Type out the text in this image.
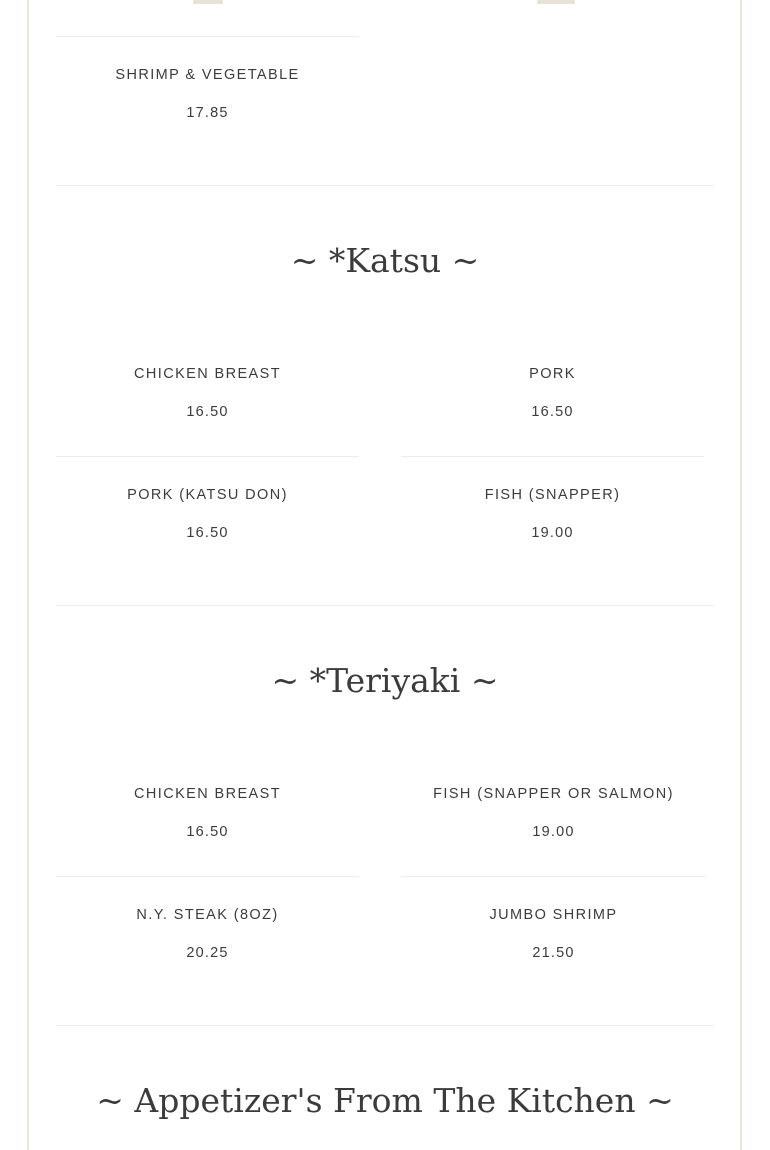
SHRIMP & VEGETABLE
17.85
~ *Katsu ~
CHICKEN BREAST
16.50
PORK
16.50
PORK (KATSU DON)
16.50
FISH (SNAPPER)
19.00
~ *Teriyaki ~
CHICKEN BREAST
16.50
FISH (SNAPPER OR SALMON)
19.00
N.Y. STEAK (8OZ)
20.25
JUMBO SHRIMP
21.50
~ Appetizer's From The Kitchen ~
